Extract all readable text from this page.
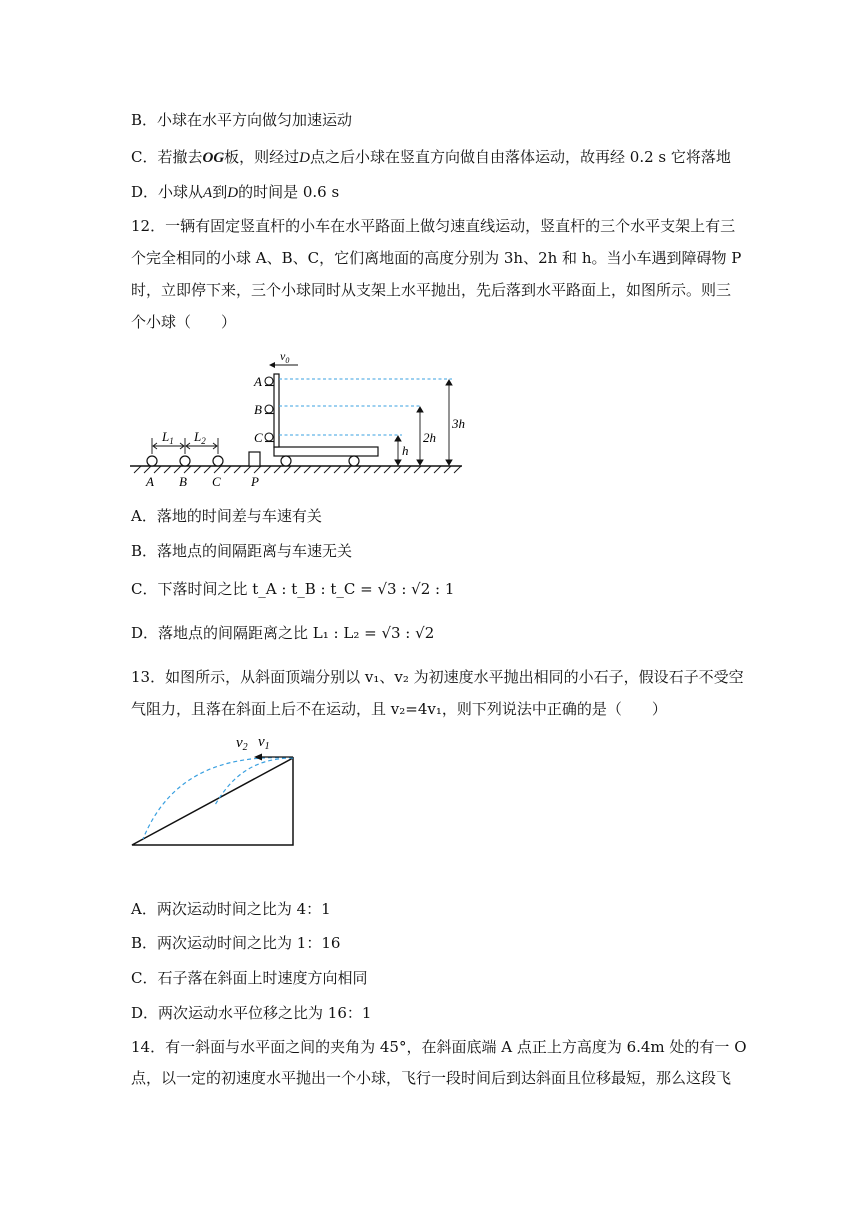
B．小球在水平方向做匀加速运动
C．若撤去OG板，则经过D点之后小球在竖直方向做自由落体运动，故再经 0.2 s 它将落地
D．小球从A到D的时间是 0.6 s
12．一辆有固定竖直杆的小车在水平路面上做匀速直线运动，竖直杆的三个水平支架上有三
个完全相同的小球 A、B、C，它们离地面的高度分别为 3h、2h 和 h。当小车遇到障碍物 P
时，立即停下来，三个小球同时从支架上水平抛出，先后落到水平路面上，如图所示。则三
个小球（　　）
$L_1$ $L_2$
A B C P
A
B
C
$v_0$
h
2h
3h
A．落地的时间差与车速有关
B．落地点的间隔距离与车速无关
C．下落时间之比 t_A : t_B : t_C = √3 : √2 : 1
D．落地点的间隔距离之比 L₁ : L₂ = √3 : √2
13．如图所示，从斜面顶端分别以 v₁、v₂ 为初速度水平抛出相同的小石子，假设石子不受空
气阻力，且落在斜面上后不在运动，且 v₂=4v₁，则下列说法中正确的是（　　）
$v_2$ $v_1$
A．两次运动时间之比为 4：1
B．两次运动时间之比为 1：16
C．石子落在斜面上时速度方向相同
D．两次运动水平位移之比为 16：1
14．有一斜面与水平面之间的夹角为 45°，在斜面底端 A 点正上方高度为 6.4m 处的有一 O
点，以一定的初速度水平抛出一个小球，飞行一段时间后到达斜面且位移最短，那么这段飞
